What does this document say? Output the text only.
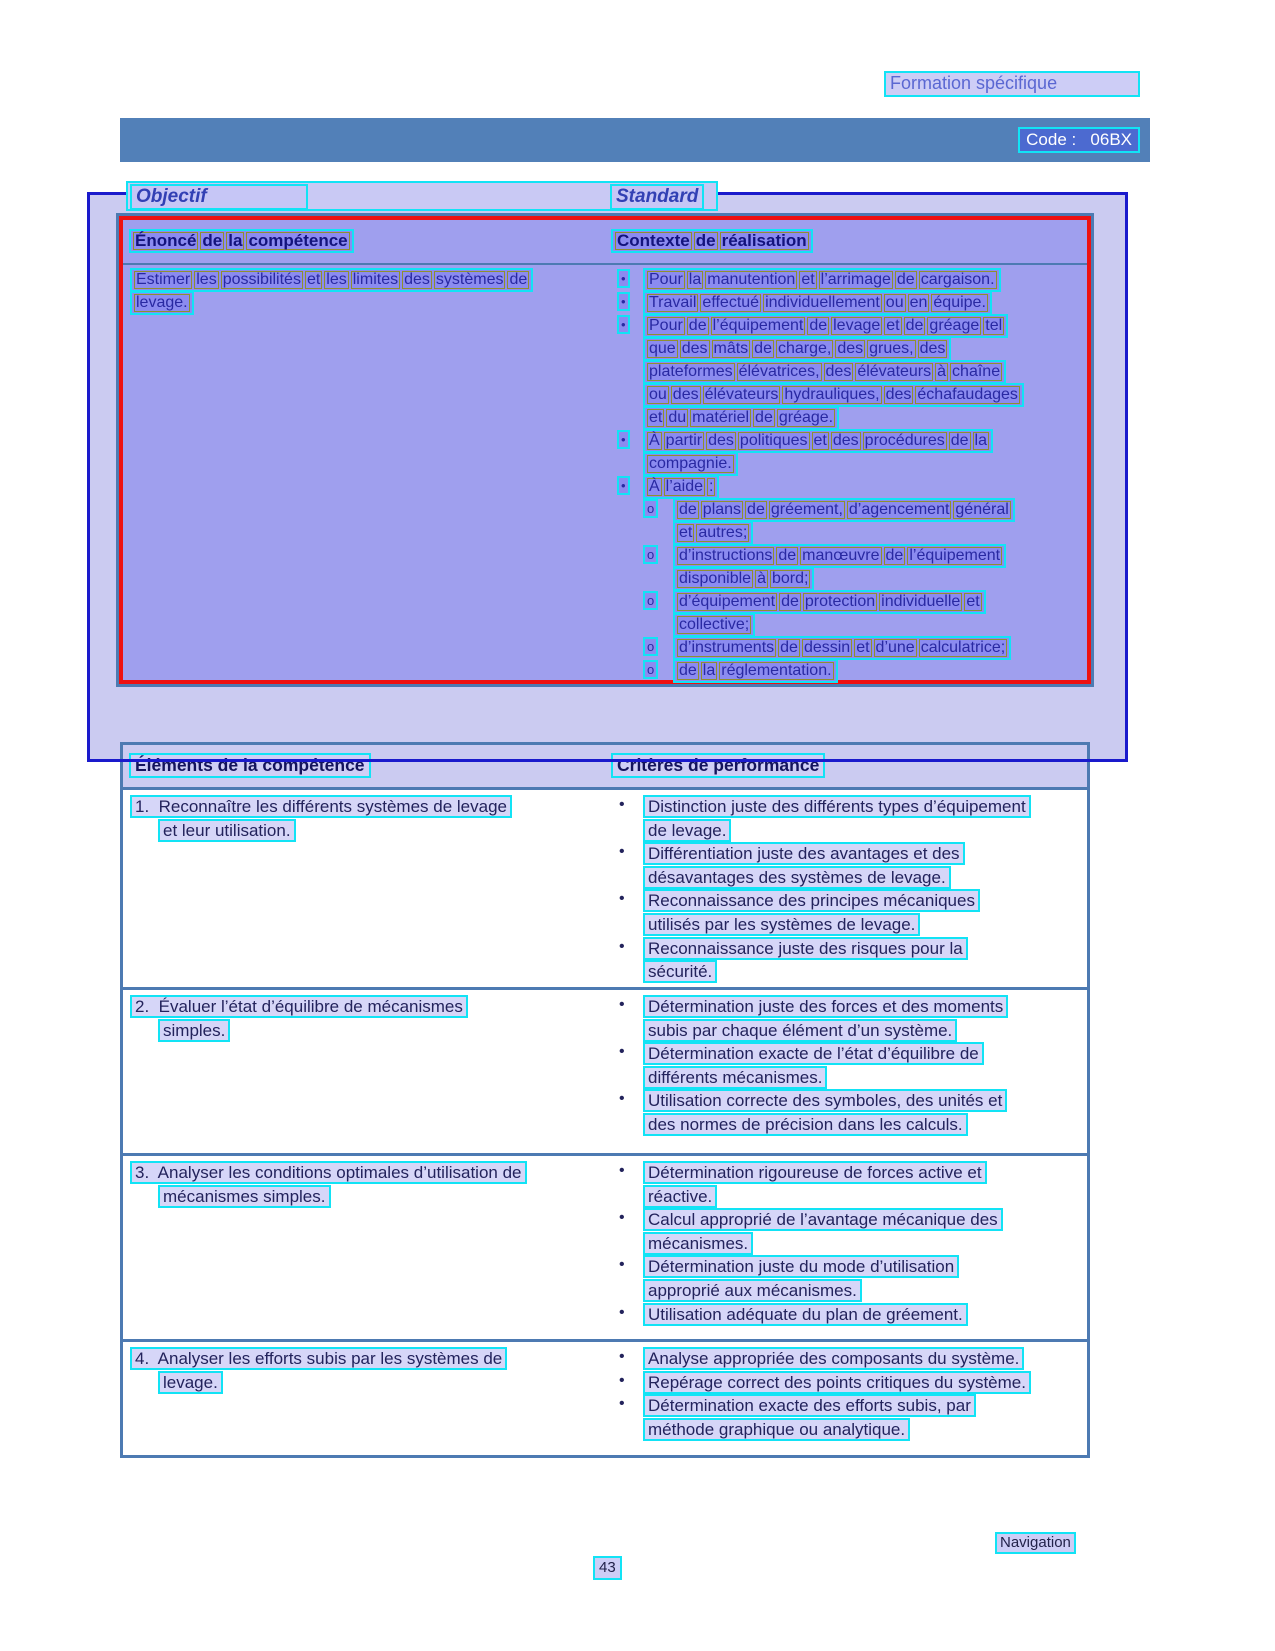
Formation spécifique
Code :   06BX
Énoncé de la compétence	Contexte de réalisation
Estimer les possibilités et les limites des systèmes de
levage.
•	Pour la manutention et l’arrimage de cargaison.
•	Travail effectué individuellement ou en équipe.
•	Pour de l’équipement de levage et de gréage tel
que des mâts de charge, des grues, des
plateformes élévatrices, des élévateurs à chaîne
ou des élévateurs hydrauliques, des échafaudages
et du matériel de gréage.
•	À partir des politiques et des procédures de la
compagnie.
•	À l’aide :
o	de plans de gréement, d’agencement général
et autres;
o	d’instructions de manœuvre de l’équipement
disponible à bord;
o	d’équipement de protection individuelle et
collective;
o	d’instruments de dessin et d’une calculatrice;
o	de la réglementation.
Objectif	Standard
Éléments de la compétence	Critères de performance
1.  Reconnaître les différents systèmes de levage
et leur utilisation.
• Distinction juste des différents types d’équipement
de levage.
• Différentiation juste des avantages et des
désavantages des systèmes de levage.
• Reconnaissance des principes mécaniques
utilisés par les systèmes de levage.
• Reconnaissance juste des risques pour la
sécurité.
2.  Évaluer l’état d’équilibre de mécanismes
simples.
• Détermination juste des forces et des moments
subis par chaque élément d’un système.
• Détermination exacte de l’état d’équilibre de
différents mécanismes.
• Utilisation correcte des symboles, des unités et
des normes de précision dans les calculs.
3.  Analyser les conditions optimales d’utilisation de
mécanismes simples.
• Détermination rigoureuse de forces active et
réactive.
• Calcul approprié de l’avantage mécanique des
mécanismes.
• Détermination juste du mode d’utilisation
approprié aux mécanismes.
• Utilisation adéquate du plan de gréement.
4.  Analyser les efforts subis par les systèmes de
levage.
• Analyse appropriée des composants du système.
• Repérage correct des points critiques du système.
• Détermination exacte des efforts subis, par
méthode graphique ou analytique.
Navigation
43
